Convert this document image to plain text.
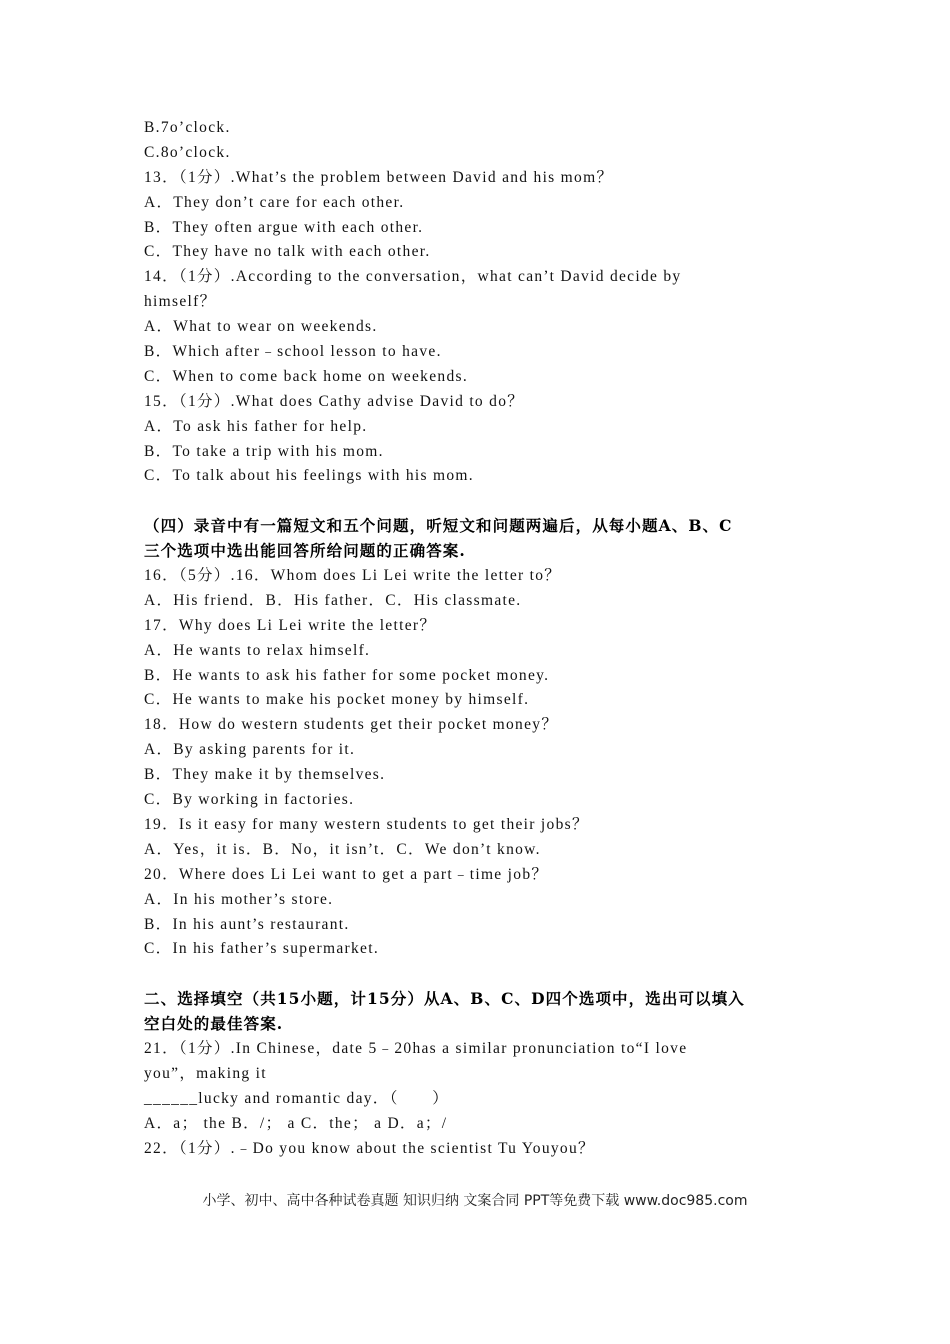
B.7o’clock.
C.8o’clock.
13．（1分）.What’s the problem between David and his mom？
A．They don’t care for each other.
B．They often argue with each other.
C．They have no talk with each other.
14．（1分）.According to the conversation，what can’t David decide by
himself？
A．What to wear on weekends.
B．Which after﹣school lesson to have.
C．When to come back home on weekends.
15．（1分）.What does Cathy advise David to do？
A．To ask his father for help.
B．To take a trip with his mom.
C．To talk about his feelings with his mom.
（四）录音中有一篇短文和五个问题，听短文和问题两遍后，从每小题A、B、C
三个选项中选出能回答所给问题的正确答案.
16．（5分）.16．Whom does Li Lei write the letter to？
A．His friend．B．His father．C．His classmate.
17．Why does Li Lei write the letter？
A．He wants to relax himself.
B．He wants to ask his father for some pocket money.
C．He wants to make his pocket money by himself.
18．How do western students get their pocket money？
A．By asking parents for it.
B．They make it by themselves.
C．By working in factories.
19．Is it easy for many western students to get their jobs？
A．Yes，it is．B．No，it isn’t．C．We don’t know.
20．Where does Li Lei want to get a part﹣time job？
A．In his mother’s store.
B．In his aunt’s restaurant.
C．In his father’s supermarket.
二、选择填空（共15小题，计15分）从A、B、C、D四个选项中，选出可以填入
空白处的最佳答案.
21．（1分）.In Chinese，date 5﹣20has a similar pronunciation to“I love
you”，making it
______lucky and romantic day．（　　）
A．a； the B．/； a C．the； a D．a；/
22．（1分）.﹣Do you know about the scientist Tu Youyou？
小学、初中、高中各种试卷真题 知识归纳 文案合同 PPT等免费下载 www.doc985.com
